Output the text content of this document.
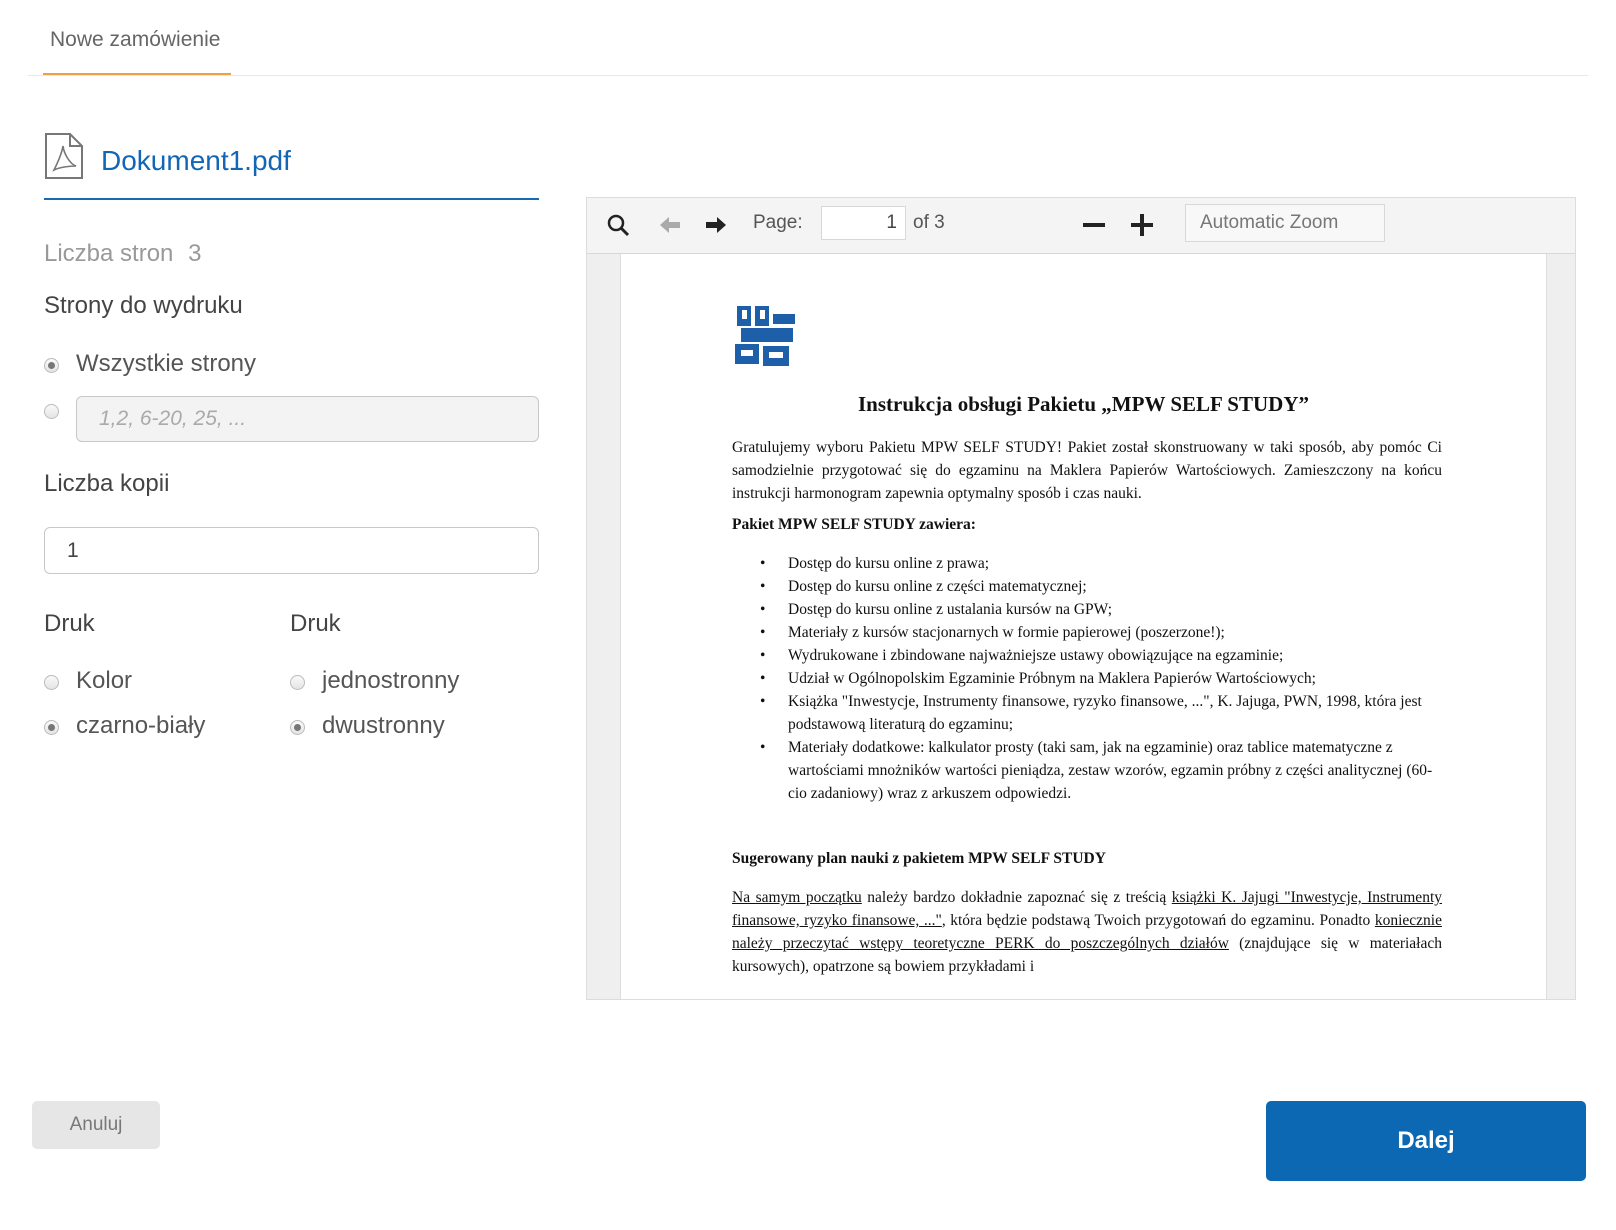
Nowe zamówienie
Dokument1.pdf
Liczba stron 3
Strony do wydruku
Wszystkie strony
1,2, 6-20, 25, ...
Liczba kopii
1
Druk	Druk
Kolor
czarno-biały
jednostronny
dwustronny
Page:	1 of 3	Automatic Zoom
Instrukcja obsługi Pakietu „MPW SELF STUDY”
Gratulujemy wyboru Pakietu MPW SELF STUDY! Pakiet został skonstruowany w taki sposób, aby pomóc Ci samodzielnie przygotować się do egzaminu na Maklera Papierów Wartościowych. Zamieszczony na końcu instrukcji harmonogram zapewnia optymalny sposób i czas nauki.
Pakiet MPW SELF STUDY zawiera:
• Dostęp do kursu online z prawa;
• Dostęp do kursu online z części matematycznej;
• Dostęp do kursu online z ustalania kursów na GPW;
• Materiały z kursów stacjonarnych w formie papierowej (poszerzone!);
• Wydrukowane i zbindowane najważniejsze ustawy obowiązujące na egzaminie;
• Udział w Ogólnopolskim Egzaminie Próbnym na Maklera Papierów Wartościowych;
• Książka "Inwestycje, Instrumenty finansowe, ryzyko finansowe, ...", K. Jajuga, PWN, 1998, która jest podstawową literaturą do egzaminu;
• Materiały dodatkowe: kalkulator prosty (taki sam, jak na egzaminie) oraz tablice matematyczne z wartościami mnożników wartości pieniądza, zestaw wzorów, egzamin próbny z części analitycznej (60-cio zadaniowy) wraz z arkuszem odpowiedzi.
Sugerowany plan nauki z pakietem MPW SELF STUDY
Na samym początku należy bardzo dokładnie zapoznać się z treścią książki K. Jajugi "Inwestycje, Instrumenty finansowe, ryzyko finansowe, ...", która będzie podstawą Twoich przygotowań do egzaminu. Ponadto koniecznie należy przeczytać wstępy teoretyczne PERK do poszczególnych działów (znajdujące się w materiałach kursowych), opatrzone są bowiem przykładami i
Anuluj
Dalej
